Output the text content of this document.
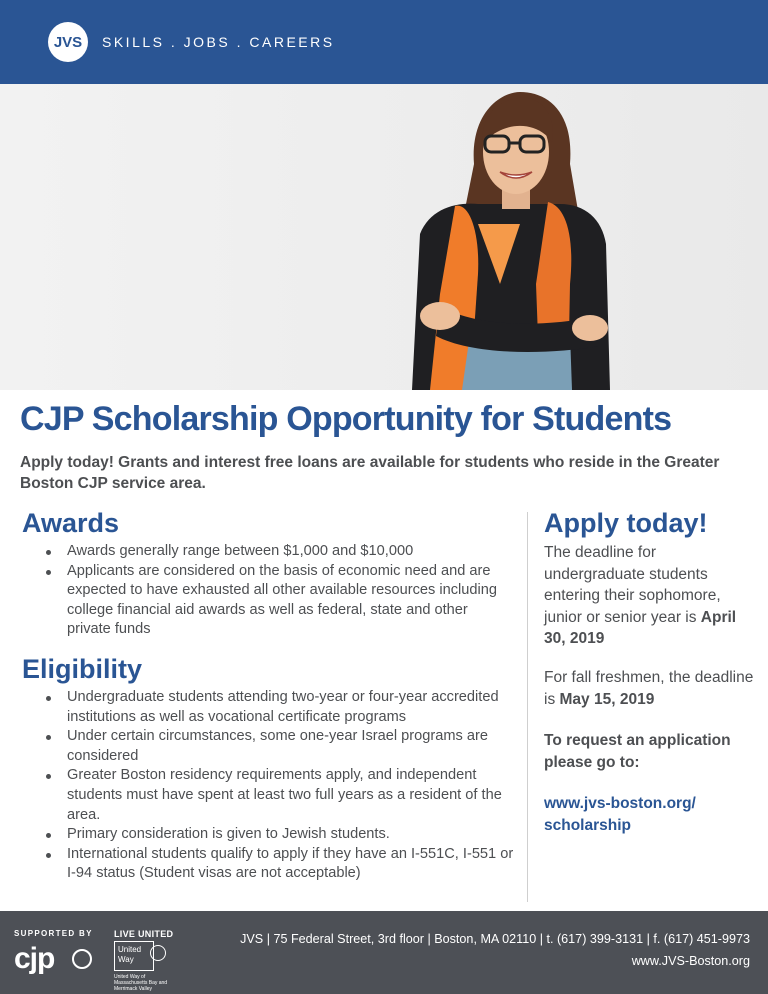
JVS	SKILLS . JOBS . CAREERS
CJP Scholarship Opportunity for Students
Apply today! Grants and interest free loans are available for students who reside in the Greater Boston CJP service area.
Awards
Awards generally range between $1,000 and $10,000
Applicants are considered on the basis of economic need and are expected to have exhausted all other available resources including college financial aid awards as well as federal, state and other private funds
Eligibility
Undergraduate students attending two-year or four-year accredited institutions as well as vocational certificate programs
Under certain circumstances, some one-year Israel programs are considered
Greater Boston residency requirements apply, and independent students must have spent at least two full years as a resident of the area.
Primary consideration is given to Jewish students.
International students qualify to apply if they have an I-551C, I-551 or I-94 status (Student visas are not acceptable)
Apply today!
The deadline for undergraduate students entering their sophomore, junior or senior year is April 30, 2019
For fall freshmen, the deadline is May 15, 2019
To request an application please go to:
www.jvs-boston.org/
scholarship
SUPPORTED BY
cjp
LIVE UNITED
United
Way
United Way of Massachusetts Bay and Merrimack Valley
JVS | 75 Federal Street, 3rd floor | Boston, MA 02110 | t. (617) 399-3131 | f. (617) 451-9973
www.JVS-Boston.org
